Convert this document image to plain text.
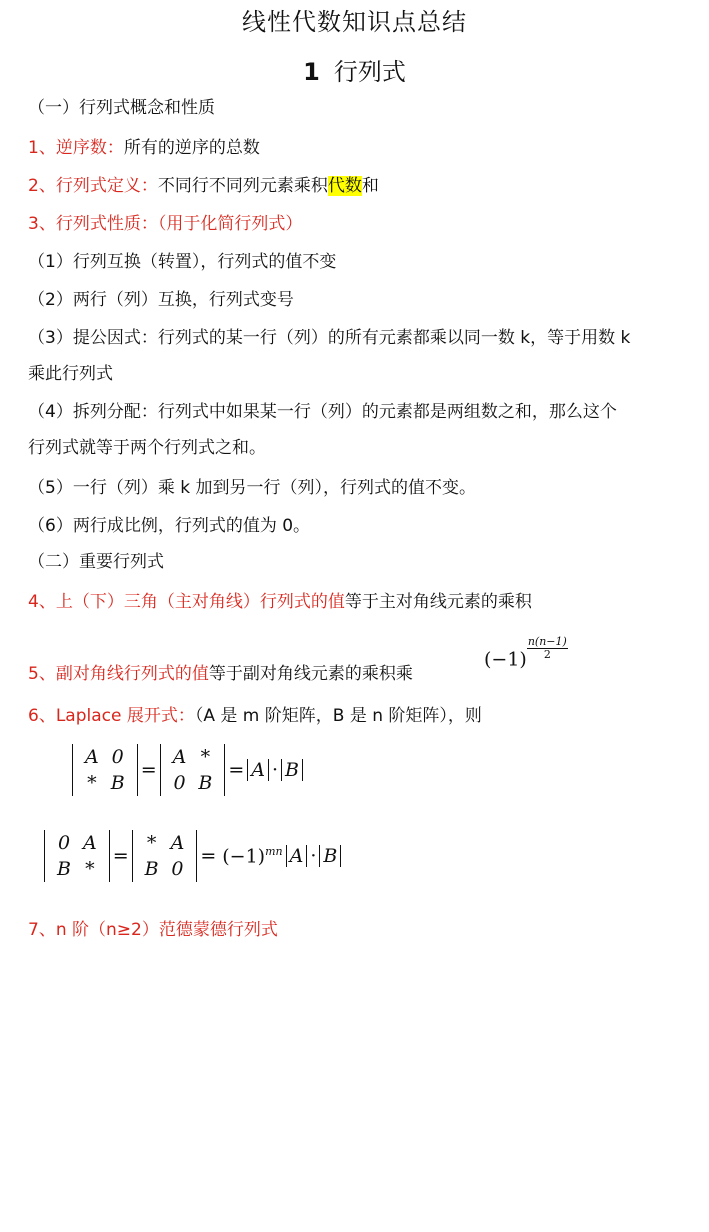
线性代数知识点总结
1 行列式
（一）行列式概念和性质
1、逆序数：所有的逆序的总数
2、行列式定义：不同行不同列元素乘积代数和
3、行列式性质：（用于化简行列式）
（1）行列互换（转置），行列式的值不变
（2）两行（列）互换，行列式变号
（3）提公因式：行列式的某一行（列）的所有元素都乘以同一数 k，等于用数 k
乘此行列式
（4）拆列分配：行列式中如果某一行（列）的元素都是两组数之和，那么这个
行列式就等于两个行列式之和。
（5）一行（列）乘 k 加到另一行（列），行列式的值不变。
（6）两行成比例，行列式的值为 0。
（二）重要行列式
4、上（下）三角（主对角线）行列式的值等于主对角线元素的乘积
5、副对角线行列式的值等于副对角线元素的乘积乘
$(-1) \frac{n(n-1)}{2}$
6、Laplace 展开式：（A 是 m 阶矩阵，B 是 n 阶矩阵），则
A	0
*	B
=
A	*
0	B
= A · B
0	A
B	*
=
*	A
B	0
= $(-1)^{mn}$ A · B
7、n 阶（n≥2）范德蒙德行列式
